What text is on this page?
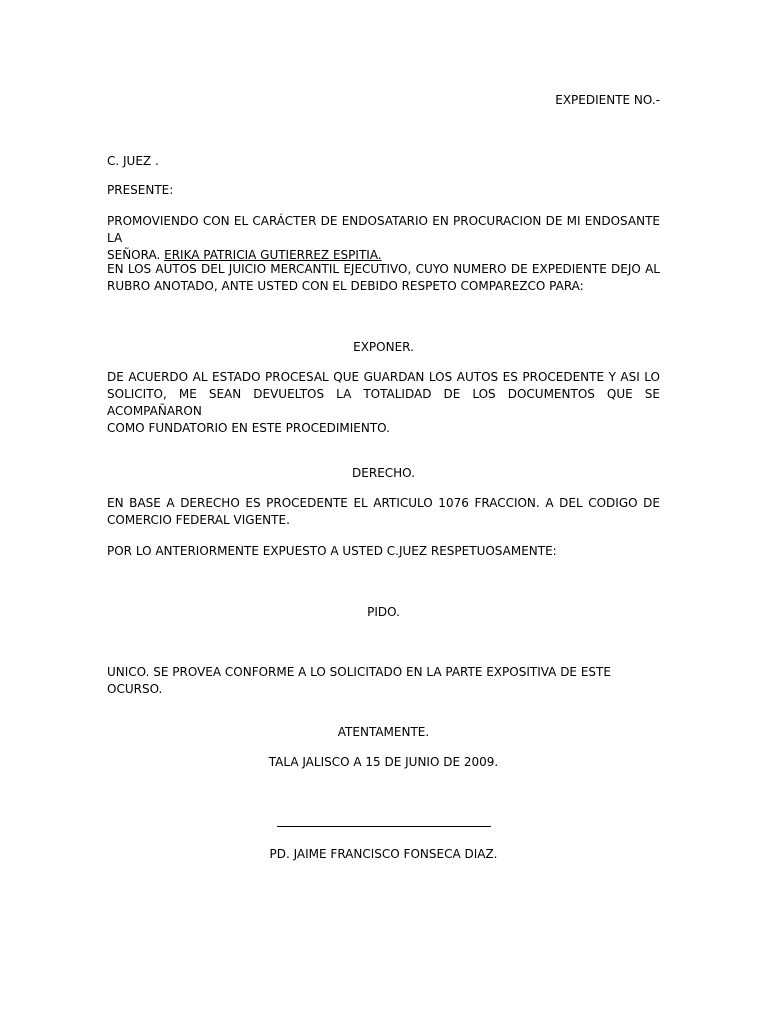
EXPEDIENTE NO.-

C. JUEZ .

PRESENTE:

PROMOVIENDO CON EL CARÁCTER DE ENDOSATARIO EN PROCURACION DE MI ENDOSANTE LA
SEÑORA. ERIKA PATRICIA GUTIERREZ ESPITIA.
EN LOS AUTOS DEL JUICIO MERCANTIL EJECUTIVO, CUYO NUMERO DE EXPEDIENTE DEJO AL
RUBRO ANOTADO, ANTE USTED CON EL DEBIDO RESPETO COMPAREZCO PARA:

EXPONER.

DE ACUERDO AL ESTADO PROCESAL QUE GUARDAN LOS AUTOS ES PROCEDENTE Y ASI LO
SOLICITO, ME SEAN DEVUELTOS LA TOTALIDAD DE LOS DOCUMENTOS QUE SE ACOMPAÑARON
COMO FUNDATORIO EN ESTE PROCEDIMIENTO.

DERECHO.

EN BASE A DERECHO ES PROCEDENTE EL ARTICULO 1076 FRACCION. A DEL CODIGO DE
COMERCIO FEDERAL VIGENTE.

POR LO ANTERIORMENTE EXPUESTO A USTED C.JUEZ RESPETUOSAMENTE:

PIDO.

UNICO. SE PROVEA CONFORME A LO SOLICITADO EN LA PARTE EXPOSITIVA DE ESTE OCURSO.

ATENTAMENTE.

TALA JALISCO A 15 DE JUNIO DE 2009.

PD. JAIME FRANCISCO FONSECA DIAZ.
